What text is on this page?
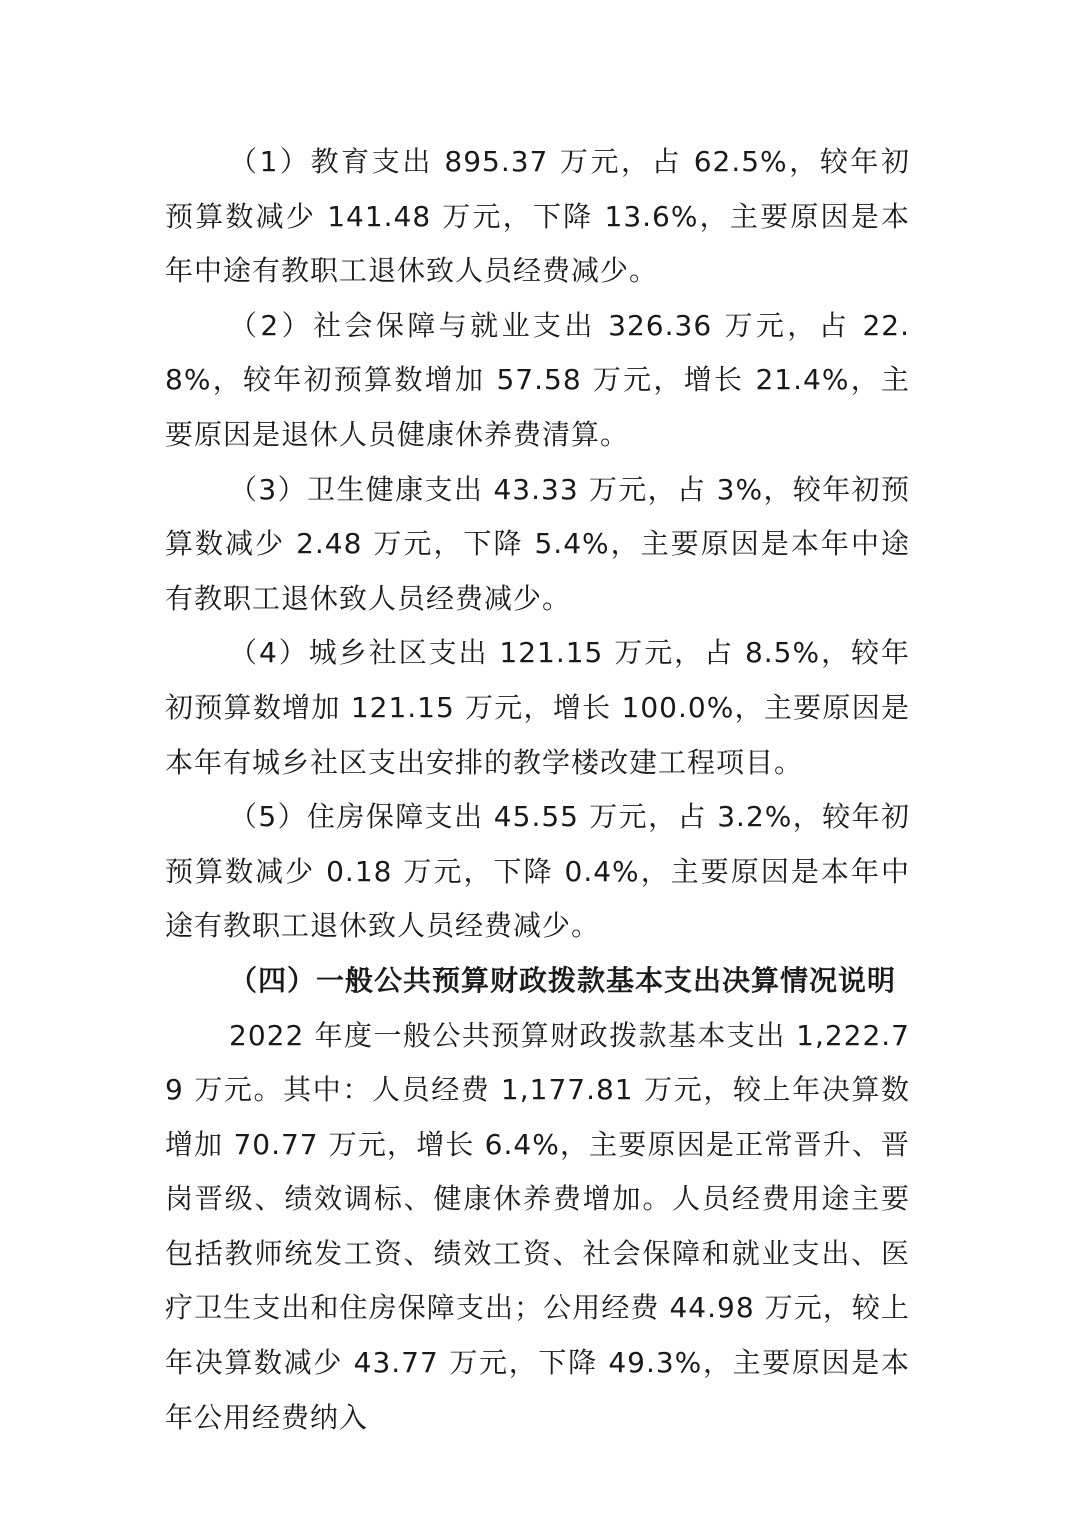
（1）教育支出 895.37 万元，占 62.5%，较年初预算数减少 141.48 万元，下降 13.6%，主要原因是本年中途有教职工退休致人员经费减少。

（2）社会保障与就业支出 326.36 万元，占 22.8%，较年初预算数增加 57.58 万元，增长 21.4%，主要原因是退休人员健康休养费清算。

（3）卫生健康支出 43.33 万元，占 3%，较年初预算数减少 2.48 万元，下降 5.4%，主要原因是本年中途有教职工退休致人员经费减少。

（4）城乡社区支出 121.15 万元，占 8.5%，较年初预算数增加 121.15 万元，增长 100.0%，主要原因是本年有城乡社区支出安排的教学楼改建工程项目。

（5）住房保障支出 45.55 万元，占 3.2%，较年初预算数减少 0.18 万元，下降 0.4%，主要原因是本年中途有教职工退休致人员经费减少。

（四）一般公共预算财政拨款基本支出决算情况说明

2022 年度一般公共预算财政拨款基本支出 1,222.79 万元。其中：人员经费 1,177.81 万元，较上年决算数增加 70.77 万元，增长 6.4%，主要原因是正常晋升、晋岗晋级、绩效调标、健康休养费增加。人员经费用途主要包括教师统发工资、绩效工资、社会保障和就业支出、医疗卫生支出和住房保障支出；公用经费 44.98 万元，较上年决算数减少 43.77 万元，下降 49.3%，主要原因是本年公用经费纳入
